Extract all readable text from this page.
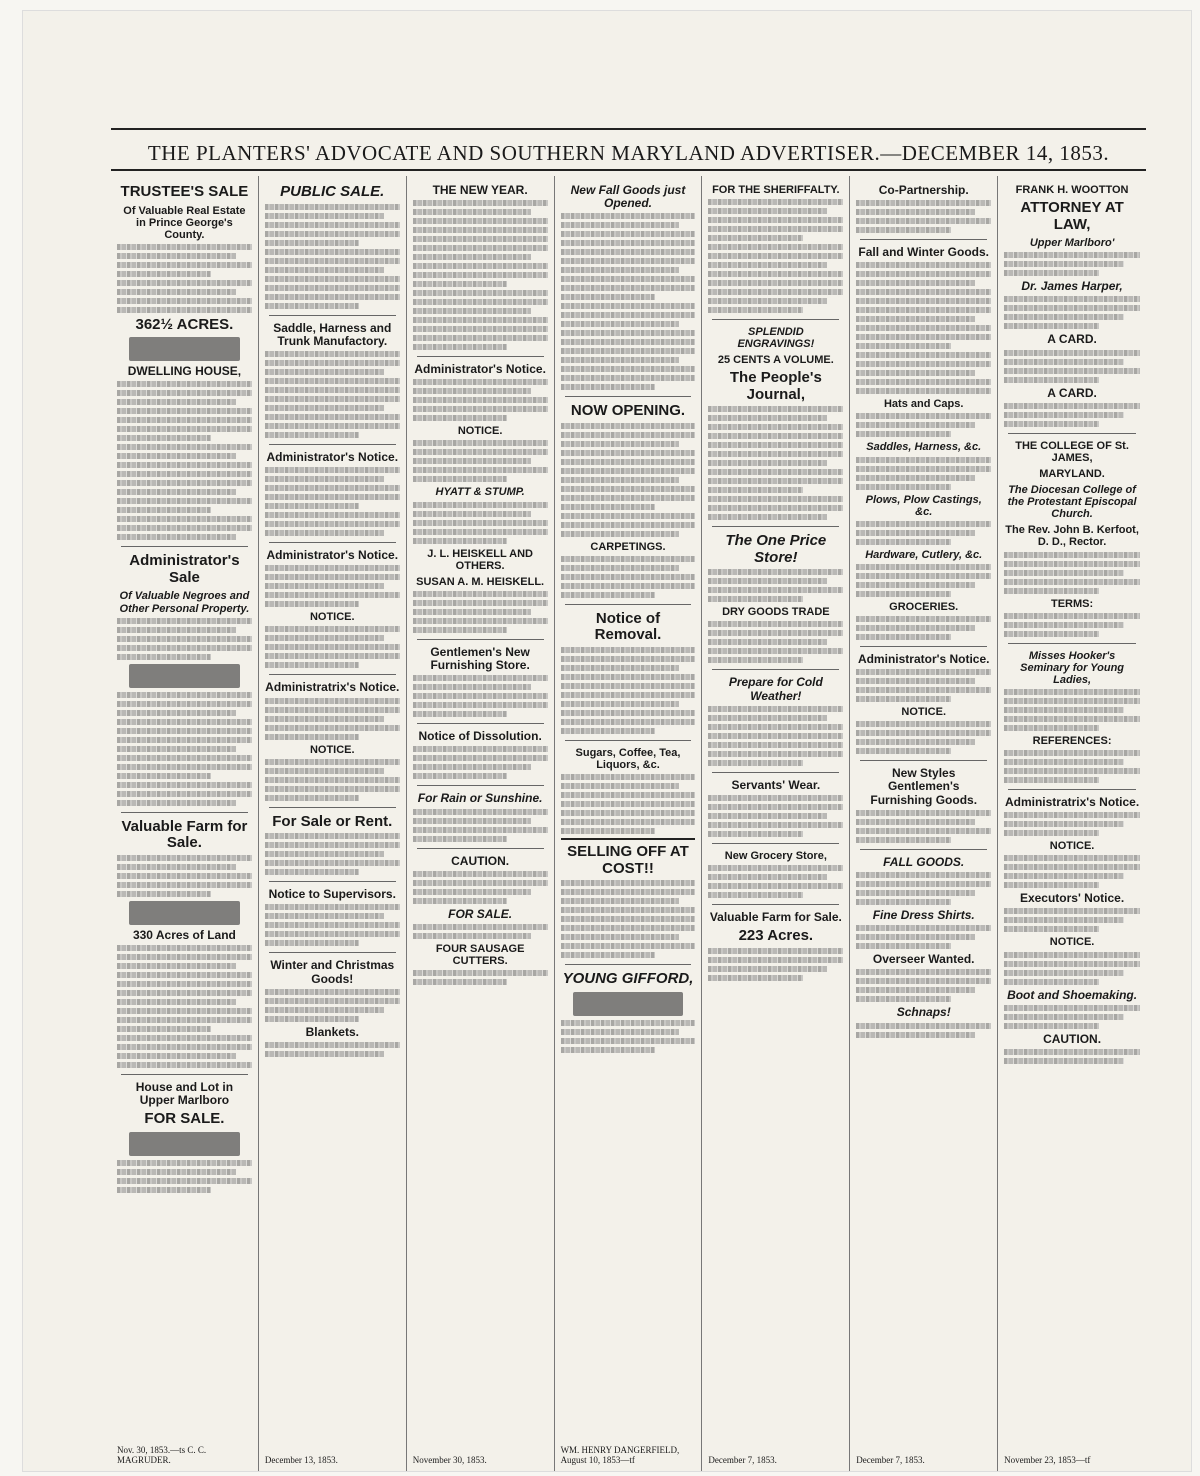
THE PLANTERS' ADVOCATE AND SOUTHERN MARYLAND ADVERTISER.—DECEMBER 14, 1853.
TRUSTEE'S SALE
Of Valuable Real Estate in Prince George's County.
362½ ACRES.
DWELLING HOUSE,
Administrator's Sale
Of Valuable Negroes and Other Personal Property.
Valuable Farm for Sale.
330 Acres of Land
House and Lot in Upper Marlboro
FOR SALE.
Nov. 30, 1853.—ts C. C. MAGRUDER.
PUBLIC SALE.
Saddle, Harness and Trunk Manufactory.
Administrator's Notice.
Administrator's Notice.
NOTICE.
Administratrix's Notice.
NOTICE.
For Sale or Rent.
Notice to Supervisors.
Winter and Christmas Goods!
Blankets.
December 13, 1853.
THE NEW YEAR.
Administrator's Notice.
NOTICE.
HYATT & STUMP.
J. L. HEISKELL AND OTHERS.
SUSAN A. M. HEISKELL.
Gentlemen's New Furnishing Store.
Notice of Dissolution.
For Rain or Sunshine.
CAUTION.
FOR SALE.
FOUR SAUSAGE CUTTERS.
November 30, 1853.
New Fall Goods just Opened.
NOW OPENING.
CARPETINGS.
Notice of Removal.
Sugars, Coffee, Tea, Liquors, &c.
SELLING OFF AT COST!!
YOUNG GIFFORD,
WM. HENRY DANGERFIELD, August 10, 1853—tf
FOR THE SHERIFFALTY.
SPLENDID ENGRAVINGS!
25 CENTS A VOLUME.
The People's Journal,
The One Price Store!
DRY GOODS TRADE
Prepare for Cold Weather!
Servants' Wear.
New Grocery Store,
Valuable Farm for Sale.
223 Acres.
December 7, 1853.
Co-Partnership.
Fall and Winter Goods.
Hats and Caps.
Saddles, Harness, &c.
Plows, Plow Castings, &c.
Hardware, Cutlery, &c.
GROCERIES.
Administrator's Notice.
NOTICE.
New Styles Gentlemen's Furnishing Goods.
FALL GOODS.
Fine Dress Shirts.
Overseer Wanted.
Schnaps!
December 7, 1853.
FRANK H. WOOTTON
ATTORNEY AT LAW,
Upper Marlboro'
Dr. James Harper,
A CARD.
A CARD.
THE COLLEGE OF St. JAMES,
MARYLAND.
The Diocesan College of the Protestant Episcopal Church.
The Rev. John B. Kerfoot, D. D., Rector.
TERMS:
Misses Hooker's Seminary for Young Ladies,
REFERENCES:
Administratrix's Notice.
NOTICE.
Executors' Notice.
NOTICE.
Boot and Shoemaking.
CAUTION.
November 23, 1853—tf
